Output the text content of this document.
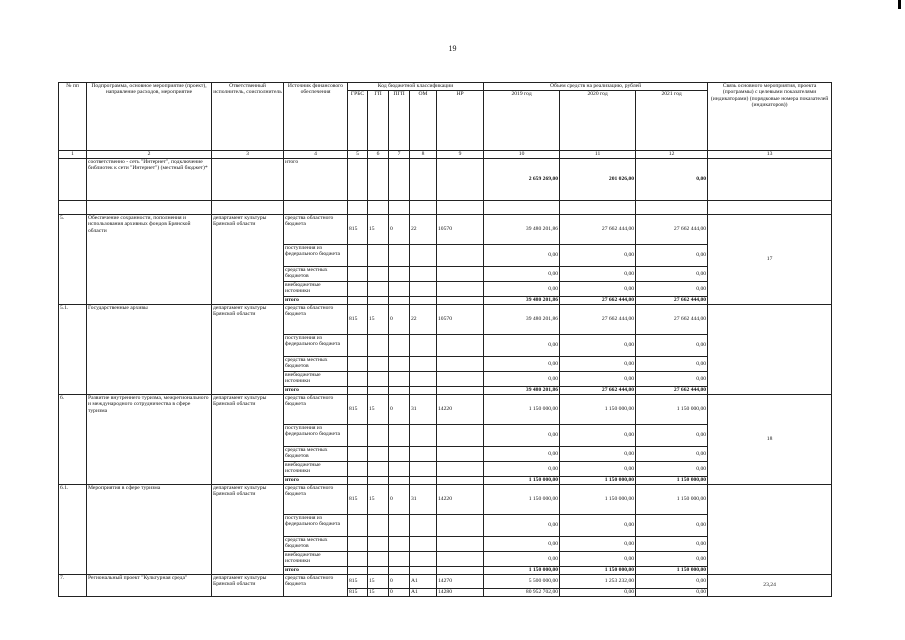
19
№ пп	Подпрограмма, основное мероприятие (проект), направление расходов, мероприятие	Ответственный исполнитель, соисполнитель	Источник финансового обеспечения	Код бюджетной классификации					Объем средств на реализацию, рублей			Связь основного мероприятия, проекта (программы) с целевыми показателями (индикаторами) (порядковые номера показателей (индикаторов))
				ГРБС	ГП	ПГП	ОМ	НР	2019 год	2020 год	2021 год	
1	2	3	4	5	6	7	8	9	10	11	12	13
	соответственно - сеть "Интернет", подключение библиотек к сети "Интернет") (местный бюджет)*		итого						2 659 269,00	201 026,00	0,00	

5.	Обеспечение сохранности, пополнения и использования архивных фондов Брянской области	департамент культуры Брянской области	средства областного бюджета	815	15	0	22	10570	39 480 201,86	27 662 444,00	27 662 444,00	17
			поступления из федерального бюджета						0,00	0,00	0,00	
			средства местных бюджетов						0,00	0,00	0,00	
			внебюджетные источники						0,00	0,00	0,00	
			итого						39 480 201,86	27 662 444,00	27 662 444,00	
5.1.	Государственные архивы	департамент культуры Брянской области	средства областного бюджета	815	15	0	22	10570	39 480 201,86	27 662 444,00	27 662 444,00	
			поступления из федерального бюджета						0,00	0,00	0,00	
			средства местных бюджетов						0,00	0,00	0,00	
			внебюджетные источники						0,00	0,00	0,00	
			итого						39 480 201,86	27 662 444,00	27 662 444,00	
6.	Развитие внутреннего туризма, межрегионального и международного сотрудничества в сфере туризма	департамент культуры Брянской области	средства областного бюджета	815	15	0	31	14220	1 150 000,00	1 150 000,00	1 150 000,00	18
			поступления из федерального бюджета						0,00	0,00	0,00	
			средства местных бюджетов						0,00	0,00	0,00	
			внебюджетные источники						0,00	0,00	0,00	
			итого						1 150 000,00	1 150 000,00	1 150 000,00	
6.1.	Мероприятия в сфере туризма	департамент культуры Брянской области	средства областного бюджета	815	15	0	31	14220	1 150 000,00	1 150 000,00	1 150 000,00	
			поступления из федерального бюджета						0,00	0,00	0,00	
			средства местных бюджетов						0,00	0,00	0,00	
			внебюджетные источники						0,00	0,00	0,00	
			итого						1 150 000,00	1 150 000,00	1 150 000,00	
7.	Региональный проект "Культурная среда"	департамент культуры Брянской области	средства областного бюджета	815	15	0	A1	14270	5 500 000,00	1 253 232,00	0,00	23,24
				815	15	0	A1	14280	80 952 702,00	0,00	0,00	
